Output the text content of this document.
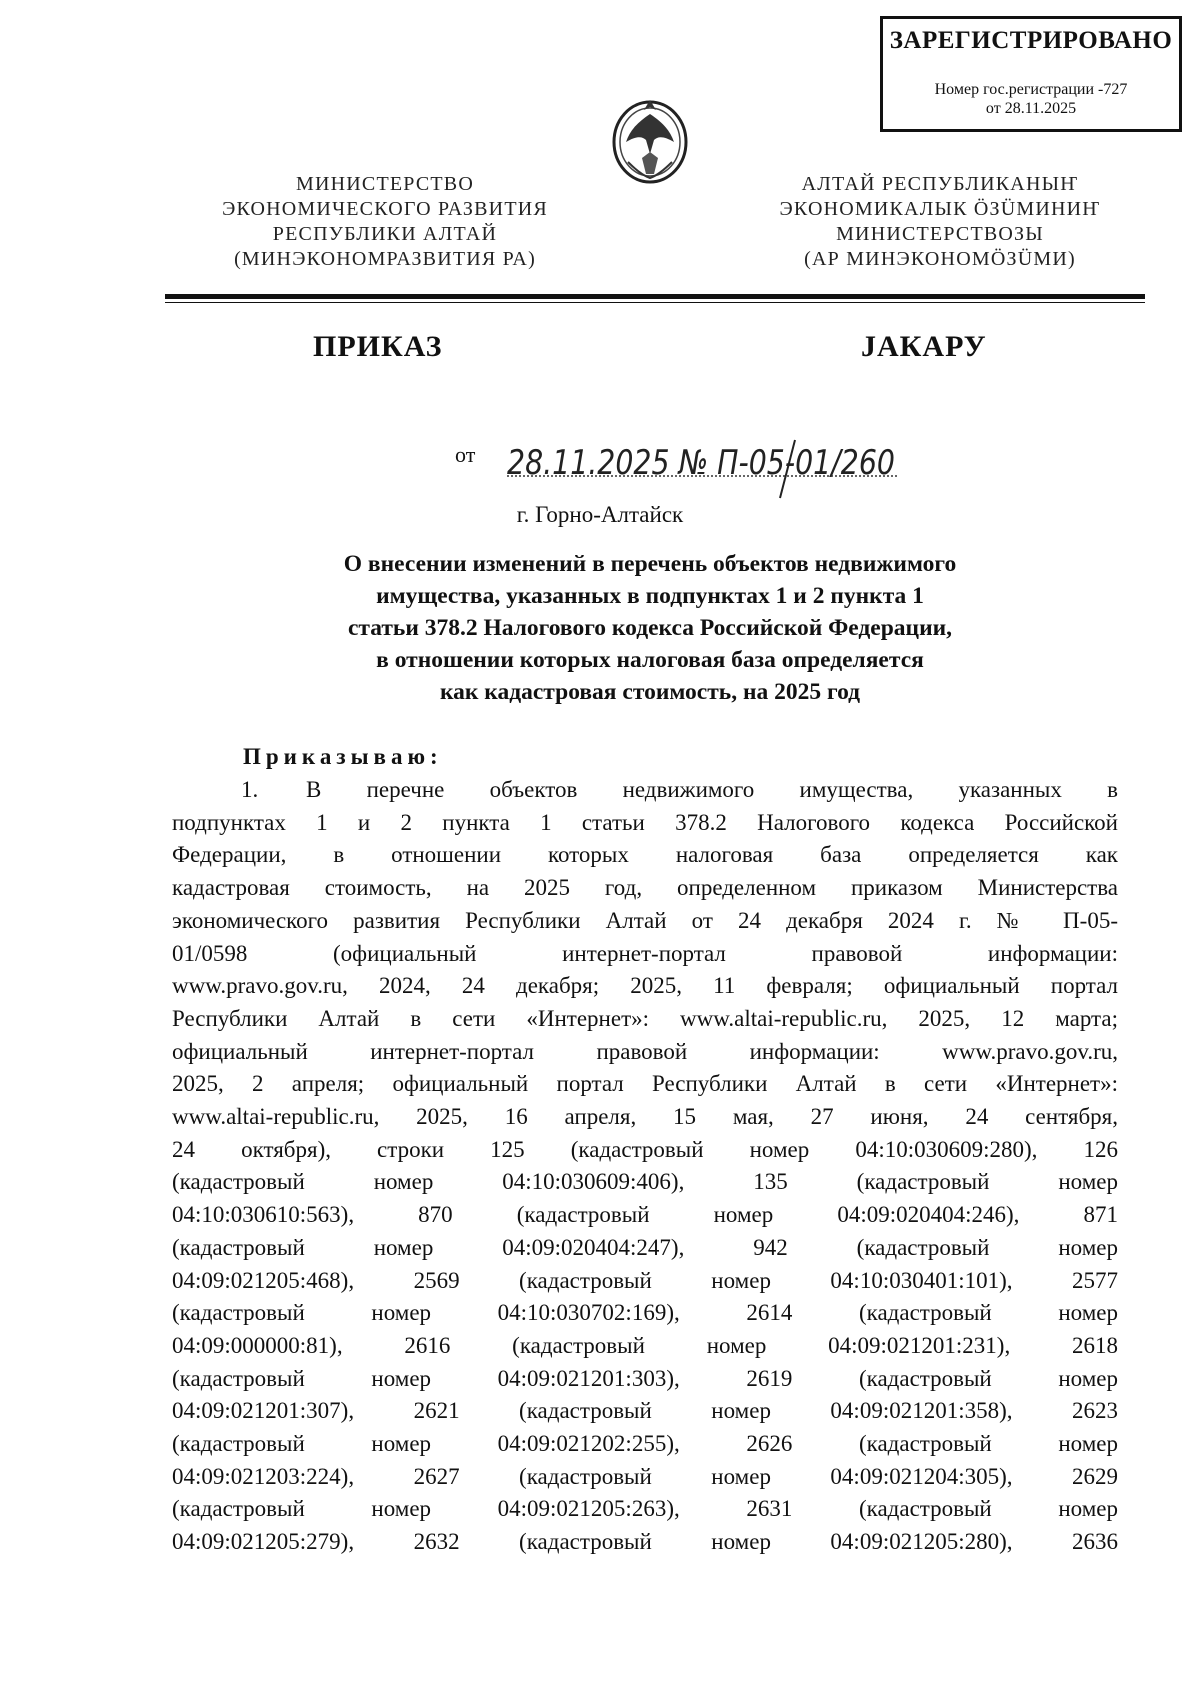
ЗАРЕГИСТРИРОВАНО
Номер гос.регистрации -727
от 28.11.2025
МИНИСТЕРСТВО
ЭКОНОМИЧЕСКОГО РАЗВИТИЯ
РЕСПУБЛИКИ АЛТАЙ
(МИНЭКОНОМРАЗВИТИЯ РА)
АЛТАЙ РЕСПУБЛИКАНЫҤ
ЭКОНОМИКАЛЫК ÖЗÜМИНИҤ
МИНИСТЕРСТВОЗЫ
(АР МИНЭКОНОМÖЗÜМИ)
ПРИКАЗ	JАКАРУ
от 28.11.2025 № П-05-01/260
г. Горно-Алтайск
О внесении изменений в перечень объектов недвижимого
имущества, указанных в подпунктах 1 и 2 пункта 1
статьи 378.2 Налогового кодекса Российской Федерации,
в отношении которых налоговая база определяется
как кадастровая стоимость, на 2025 год
Приказываю:
1. В перечне объектов недвижимого имущества, указанных в
подпунктах 1 и 2 пункта 1 статьи 378.2 Налогового кодекса Российской
Федерации, в отношении которых налоговая база определяется как
кадастровая стоимость, на 2025 год, определенном приказом Министерства
экономического развития Республики Алтай от 24 декабря 2024 г. № П-05-
01/0598 (официальный интернет-портал правовой информации:
www.pravo.gov.ru, 2024, 24 декабря; 2025, 11 февраля; официальный портал
Республики Алтай в сети «Интернет»: www.altai-republic.ru, 2025, 12 марта;
официальный интернет-портал правовой информации: www.pravo.gov.ru,
2025, 2 апреля; официальный портал Республики Алтай в сети «Интернет»:
www.altai-republic.ru, 2025, 16 апреля, 15 мая, 27 июня, 24 сентября,
24 октября), строки 125 (кадастровый номер 04:10:030609:280), 126
(кадастровый номер 04:10:030609:406), 135 (кадастровый номер
04:10:030610:563), 870 (кадастровый номер 04:09:020404:246), 871
(кадастровый номер 04:09:020404:247), 942 (кадастровый номер
04:09:021205:468), 2569 (кадастровый номер 04:10:030401:101), 2577
(кадастровый номер 04:10:030702:169), 2614 (кадастровый номер
04:09:000000:81), 2616 (кадастровый номер 04:09:021201:231), 2618
(кадастровый номер 04:09:021201:303), 2619 (кадастровый номер
04:09:021201:307), 2621 (кадастровый номер 04:09:021201:358), 2623
(кадастровый номер 04:09:021202:255), 2626 (кадастровый номер
04:09:021203:224), 2627 (кадастровый номер 04:09:021204:305), 2629
(кадастровый номер 04:09:021205:263), 2631 (кадастровый номер
04:09:021205:279), 2632 (кадастровый номер 04:09:021205:280), 2636
